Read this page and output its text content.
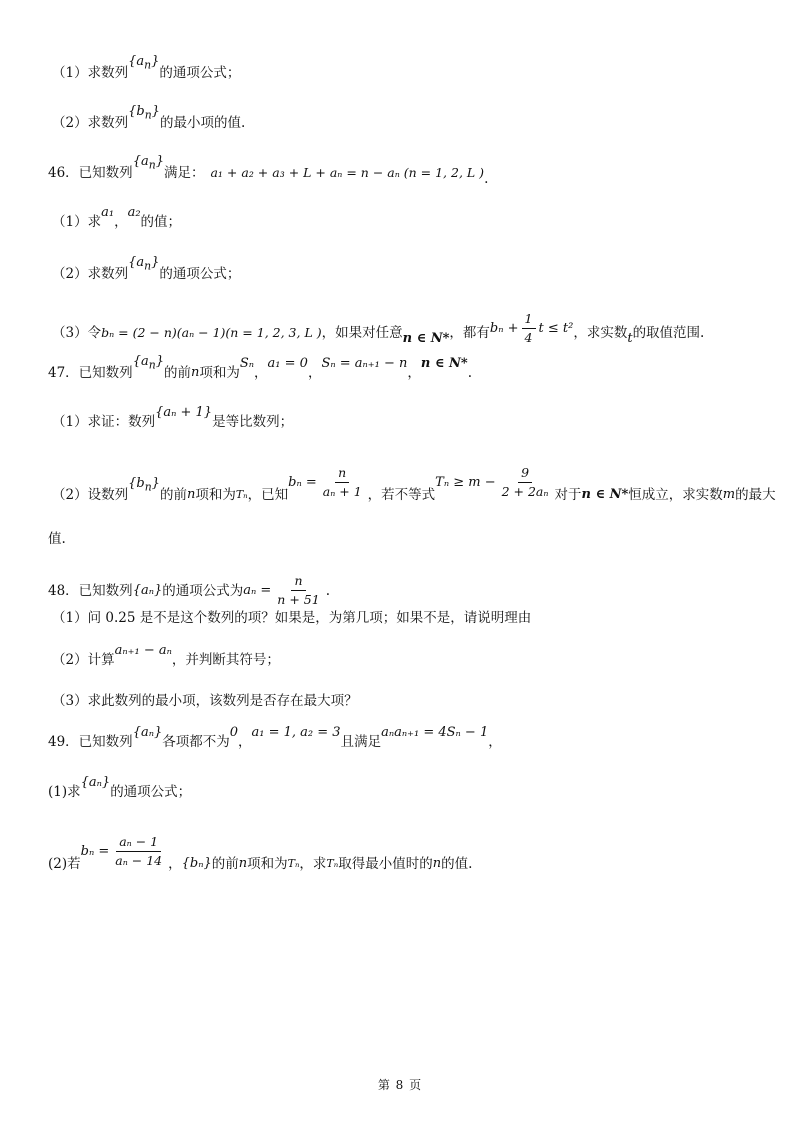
（1）求数列
$\{a_n\}$
的通项公式；
（2）求数列
$\{b_n\}$
的最小项的值.
46．已知数列
$\{a_n\}$
满足： a₁ + a₂ + a₃ + L + aₙ = n − aₙ (n = 1, 2, L ) .
（1）求
a₁
，
a₂
的值；
（2）求数列
$\{a_n\}$
的通项公式；
（3）令 bₙ = (2 − n)(aₙ − 1)(n = 1, 2, 3, L ) ，如果对任意 n ∈ N* ，都有 $b_n + \frac{1}{4}$ t ≤ t² ，求实数 t 的取值范围.
47．已知数列
$\{a_n\}$
的前 n 项和为
Sₙ
，
a₁ = 0
，
Sₙ = aₙ₊₁ − n
，
n ∈ N*
.
（1）求证：数列
{aₙ + 1}
是等比数列；
（2）设数列
$\{b_n\}$
的前 n 项和为 Tₙ ，已知
$b_n = \frac{n}{\text{aₙ + 1}}$ ，若不等式
$T_n \ge m - \frac{9}{\text{2 + 2aₙ}}$ 对于 n ∈ N* 恒成立，求实数 m 的最大
值.
48．已知数列 {aₙ} 的通项公式为 $a_n = \frac{n}{n + 51}$ .
（1）问 0.25 是不是这个数列的项？如果是，为第几项；如果不是，请说明理由
（2）计算
aₙ₊₁ − aₙ
，并判断其符号；
（3）求此数列的最小项，该数列是否存在最大项？
49．已知数列
{aₙ}
各项都不为
0
，
a₁ = 1, a₂ = 3
且满足
aₙaₙ₊₁ = 4Sₙ − 1
，
(1)求
{aₙ}
的通项公式；
(2)若
$b_n = \frac{\text{aₙ − 1}}{\text{aₙ − 14}}$ ， {bₙ} 的前 n 项和为 Tₙ ，求 Tₙ 取得最小值时的 n 的值.
第 8 页
